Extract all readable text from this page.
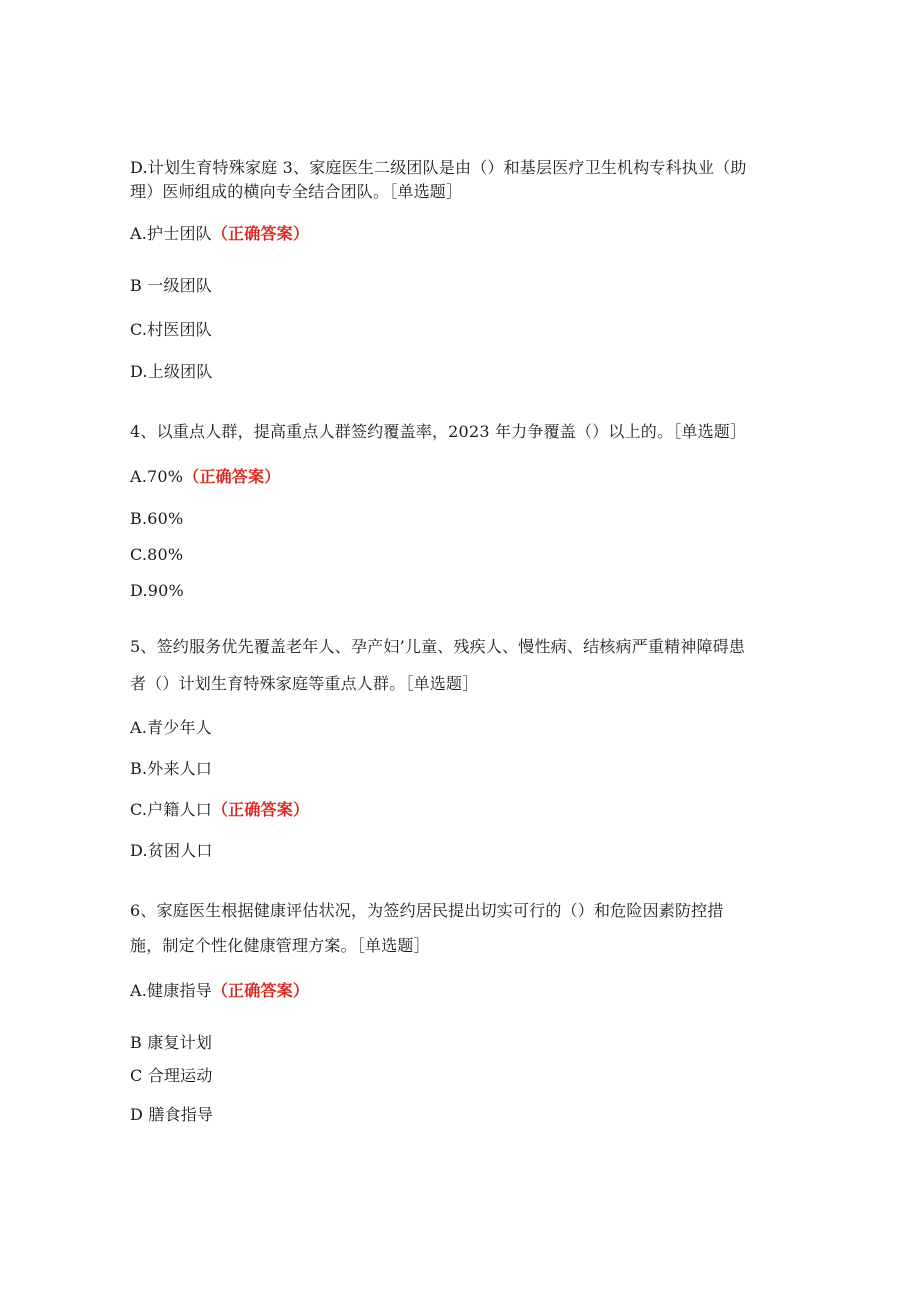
D.计划生育特殊家庭 3、家庭医生二级团队是由（）和基层医疗卫生机构专科执业（助
理）医师组成的横向专全结合团队。［单选题］
A.护士团队（正确答案）
B 一级团队
C.村医团队
D.上级团队
4、以重点人群，提高重点人群签约覆盖率，2023 年力争覆盖（）以上的。［单选题］
A.70%（正确答案）
B.60%
C.80%
D.90%
5、签约服务优先覆盖老年人、孕产妇’儿童、残疾人、慢性病、结核病严重精神障碍患
者（）计划生育特殊家庭等重点人群。［单选题］
A.青少年人
B.外来人口
C.户籍人口（正确答案）
D.贫困人口
6、家庭医生根据健康评估状况，为签约居民提出切实可行的（）和危险因素防控措
施，制定个性化健康管理方案。［单选题］
A.健康指导（正确答案）
B 康复计划
C 合理运动
D 膳食指导
